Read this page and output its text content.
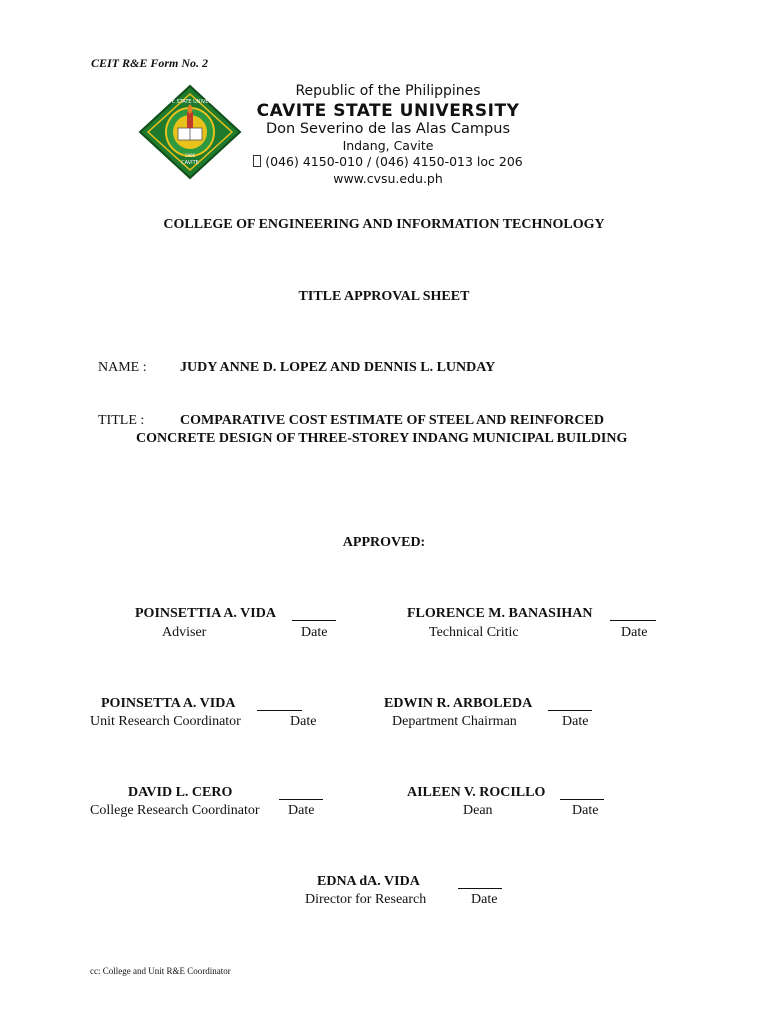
CEIT R&E Form No. 2
CAVITE STATE UNIVERSITY
CAVITE
1906
Republic of the Philippines
CAVITE STATE UNIVERSITY
Don Severino de las Alas Campus
Indang, Cavite
(046) 4150-010 / (046) 4150-013 loc 206
www.cvsu.edu.ph
COLLEGE OF ENGINEERING AND INFORMATION TECHNOLOGY
TITLE APPROVAL SHEET
NAME : JUDY ANNE D. LOPEZ AND DENNIS L. LUNDAY
TITLE :	COMPARATIVE COST ESTIMATE OF STEEL AND REINFORCED
CONCRETE DESIGN OF THREE-STOREY INDANG MUNICIPAL BUILDING
APPROVED:
POINSETTIA A. VIDA
Adviser	Date
FLORENCE M. BANASIHAN
Technical Critic	Date
POINSETTA A. VIDA
Unit Research Coordinator	Date
EDWIN R. ARBOLEDA
Department Chairman	Date
DAVID L. CERO
College Research Coordinator Date
AILEEN V. ROCILLO
Dean	Date
EDNA dA. VIDA
Director for Research	Date
cc: College and Unit R&E Coordinator
